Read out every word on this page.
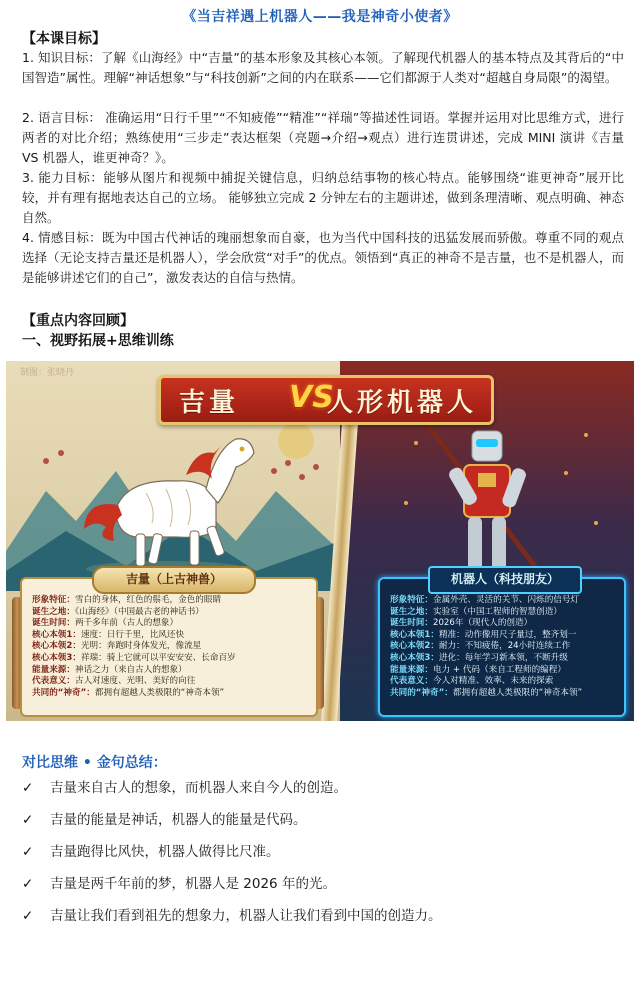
《当吉祥遇上机器人——我是神奇小使者》
【本课目标】

1. 知识目标：了解《山海经》中“吉量”的基本形象及其核心本领。了解现代机器人的基本特点及其背后的“中国智造”属性。理解“神话想象”与“科技创新”之间的内在联系——它们都源于人类对“超越自身局限”的渴望。

2. 语言目标： 准确运用“日行千里”“不知疲倦”“精准”“祥瑞”等描述性词语。掌握并运用对比思维方式，进行两者的对比介绍；熟练使用“三步走”表达框架（亮题→介绍→观点）进行连贯讲述，完成 MINI 演讲《吉量 VS 机器人，谁更神奇？》。

3. 能力目标：能够从图片和视频中捕捉关键信息，归纳总结事物的核心特点。能够围绕“谁更神奇”展开比较，并有理有据地表达自己的立场。 能够独立完成 2 分钟左右的主题讲述，做到条理清晰、观点明确、神态自然。

4. 情感目标：既为中国古代神话的瑰丽想象而自豪，也为当代中国科技的迅猛发展而骄傲。尊重不同的观点选择（无论支持吉量还是机器人），学会欣赏“对手”的优点。领悟到“真正的神奇不是吉量，也不是机器人，而是能够讲述它们的自己”，激发表达的自信与热情。

【重点内容回顾】
一、视野拓展+思维训练
制图：张晓丹
吉量 VS
人形机器人
吉量（上古神兽）
形象特征：雪白的身体，红色的鬃毛，金色的眼睛
诞生之地：《山海经》（中国最古老的神话书）
诞生时间：两千多年前（古人的想象）
核心本领1：速度：日行千里，比风还快
核心本领2：光明：奔跑时身体发光，像流星
核心本领3：祥瑞：骑上它就可以平安安安、长命百岁
能量来源：神话之力（来自古人的想象）
代表意义：古人对速度、光明、美好的向往
共同的“神奇”：都拥有超越人类极限的“神奇本领”
机器人（科技朋友）
形象特征：金属外壳、灵活的关节、闪烁的信号灯
诞生之地：实验室（中国工程师的智慧创造）
诞生时间：2026年（现代人的创造）
核心本领1：精准：动作像用尺子量过，整齐划一
核心本领2：耐力：不知疲倦，24小时连续工作
核心本领3：进化：每年学习新本领，不断升级
能量来源：电力 + 代码（来自工程师的编程）
代表意义：今人对精准、效率、未来的探索
共同的“神奇”：都拥有超越人类极限的“神奇本领”
对比思维 • 金句总结：
✓ 吉量来自古人的想象，而机器人来自今人的创造。
✓ 吉量的能量是神话，机器人的能量是代码。
✓ 吉量跑得比风快，机器人做得比尺准。
✓ 吉量是两千年前的梦，机器人是 2026 年的光。
✓ 吉量让我们看到祖先的想象力，机器人让我们看到中国的创造力。
